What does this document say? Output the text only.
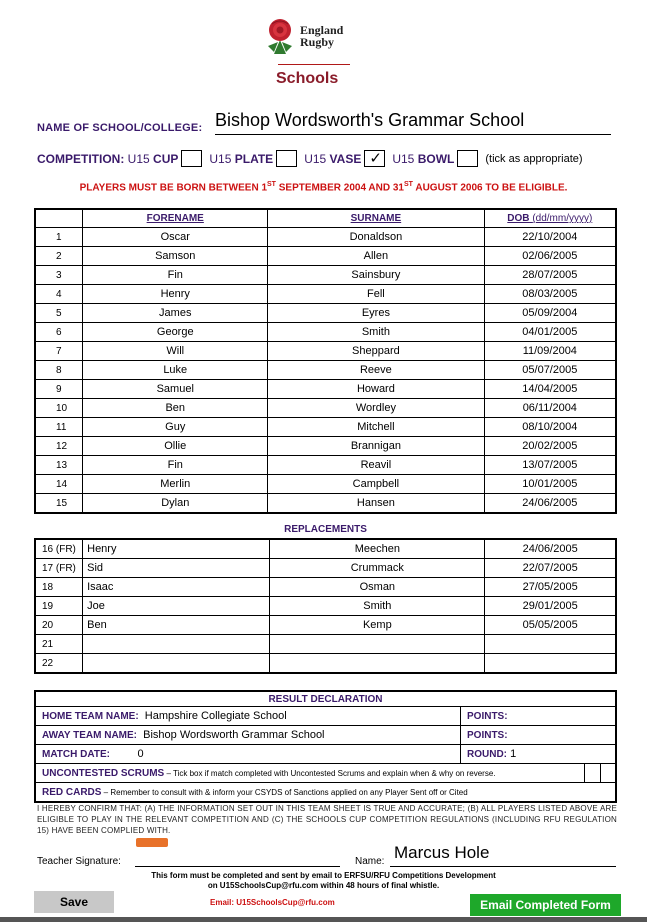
England
Rugby
Schools
NAME OF SCHOOL/COLLEGE: Bishop Wordsworth's Grammar School
COMPETITION:
U15 CUP	U15 PLATE	U15 VASE ✓ U15 BOWL	(tick as appropriate)
PLAYERS MUST BE BORN BETWEEN 1ST SEPTEMBER 2004 AND 31ST AUGUST 2006 TO BE ELIGIBLE.
	FORENAME	SURNAME	DOB (dd/mm/yyyy)
1	Oscar	Donaldson	22/10/2004
2	Samson	Allen	02/06/2005
3	Fin	Sainsbury	28/07/2005
4	Henry	Fell	08/03/2005
5	James	Eyres	05/09/2004
6	George	Smith	04/01/2005
7	Will	Sheppard	11/09/2004
8	Luke	Reeve	05/07/2005
9	Samuel	Howard	14/04/2005
10	Ben	Wordley	06/11/2004
11	Guy	Mitchell	08/10/2004
12	Ollie	Brannigan	20/02/2005
13	Fin	Reavil	13/07/2005
14	Merlin	Campbell	10/01/2005
15	Dylan	Hansen	24/06/2005
REPLACEMENTS
16 (FR)	Henry	Meechen	24/06/2005
17 (FR)	Sid	Crummack	22/07/2005
18	Isaac	Osman	27/05/2005
19	Joe	Smith	29/01/2005
20	Ben	Kemp	05/05/2005
21			
22			
RESULT DECLARATION		
HOME TEAM NAME: Hampshire Collegiate School	POINTS:	
AWAY TEAM NAME: Bishop Wordsworth Grammar School	POINTS:	
MATCH DATE: 0	ROUND: 1	
UNCONTESTED SCRUMS – Tick box if match completed with Uncontested Scrums and explain when & why on reverse.		

RED CARDS – Remember to consult with & inform your CSYDS of Sanctions applied on any Player Sent off or Cited		
I HEREBY CONFIRM THAT: (A) THE INFORMATION SET OUT IN THIS TEAM SHEET IS TRUE AND ACCURATE; (B) ALL PLAYERS LISTED ABOVE ARE ELIGIBLE TO PLAY IN THE RELEVANT COMPETITION AND (C) THE SCHOOLS CUP COMPETITION REGULATIONS (INCLUDING RFU REGULATION 15) HAVE BEEN COMPLIED WITH.
Teacher Signature:	Name: Marcus Hole
This form must be completed and sent by email to ERFSU/RFU Competitions Development
on U15SchoolsCup@rfu.com within 48 hours of final whistle.
Save	Email: U15SchoolsCup@rfu.com	Email Completed Form
